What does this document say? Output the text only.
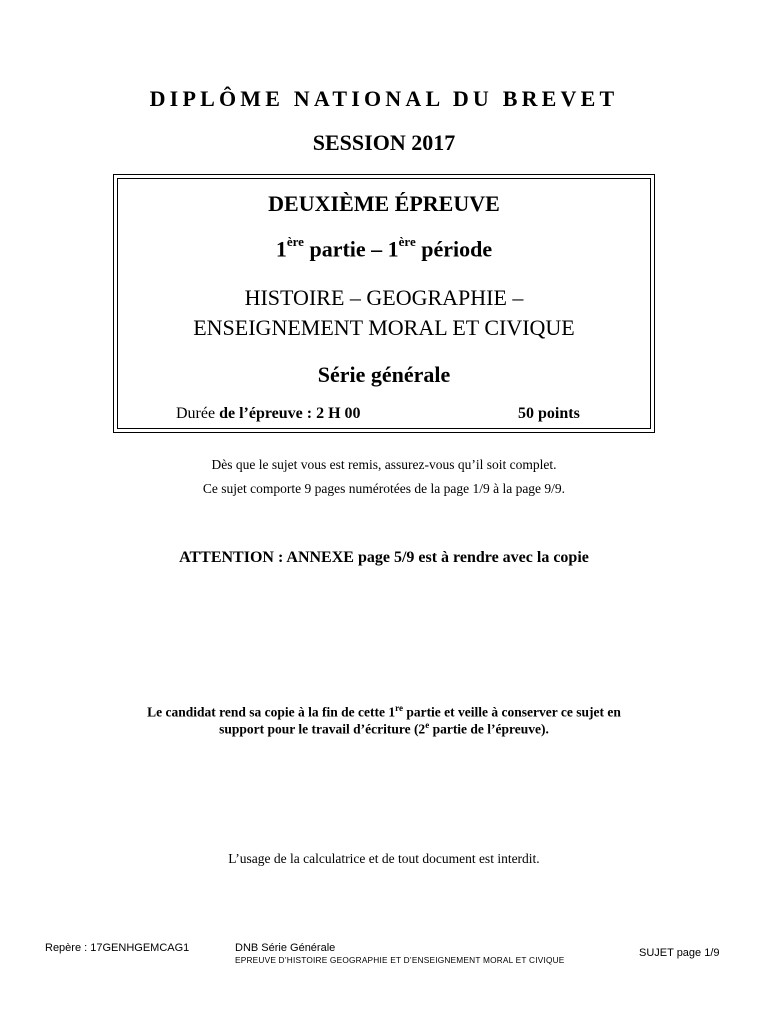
DIPLÔME NATIONAL DU BREVET
SESSION 2017
DEUXIÈME ÉPREUVE
1ère partie – 1ère période
HISTOIRE – GEOGRAPHIE –
ENSEIGNEMENT MORAL ET CIVIQUE
Série générale
Durée de l’épreuve : 2 H 00	50 points
Dès que le sujet vous est remis, assurez-vous qu’il soit complet.
Ce sujet comporte 9 pages numérotées de la page 1/9 à la page 9/9.
ATTENTION : ANNEXE page 5/9 est à rendre avec la copie
Le candidat rend sa copie à la fin de cette 1re partie et veille à conserver ce sujet en
support pour le travail d’écriture (2e partie de l’épreuve).
L’usage de la calculatrice et de tout document est interdit.
Repère : 17GENHGEMCAG1	DNB Série Générale
EPREUVE D’HISTOIRE GEOGRAPHIE ET D’ENSEIGNEMENT MORAL ET CIVIQUE
SUJET page 1/9
